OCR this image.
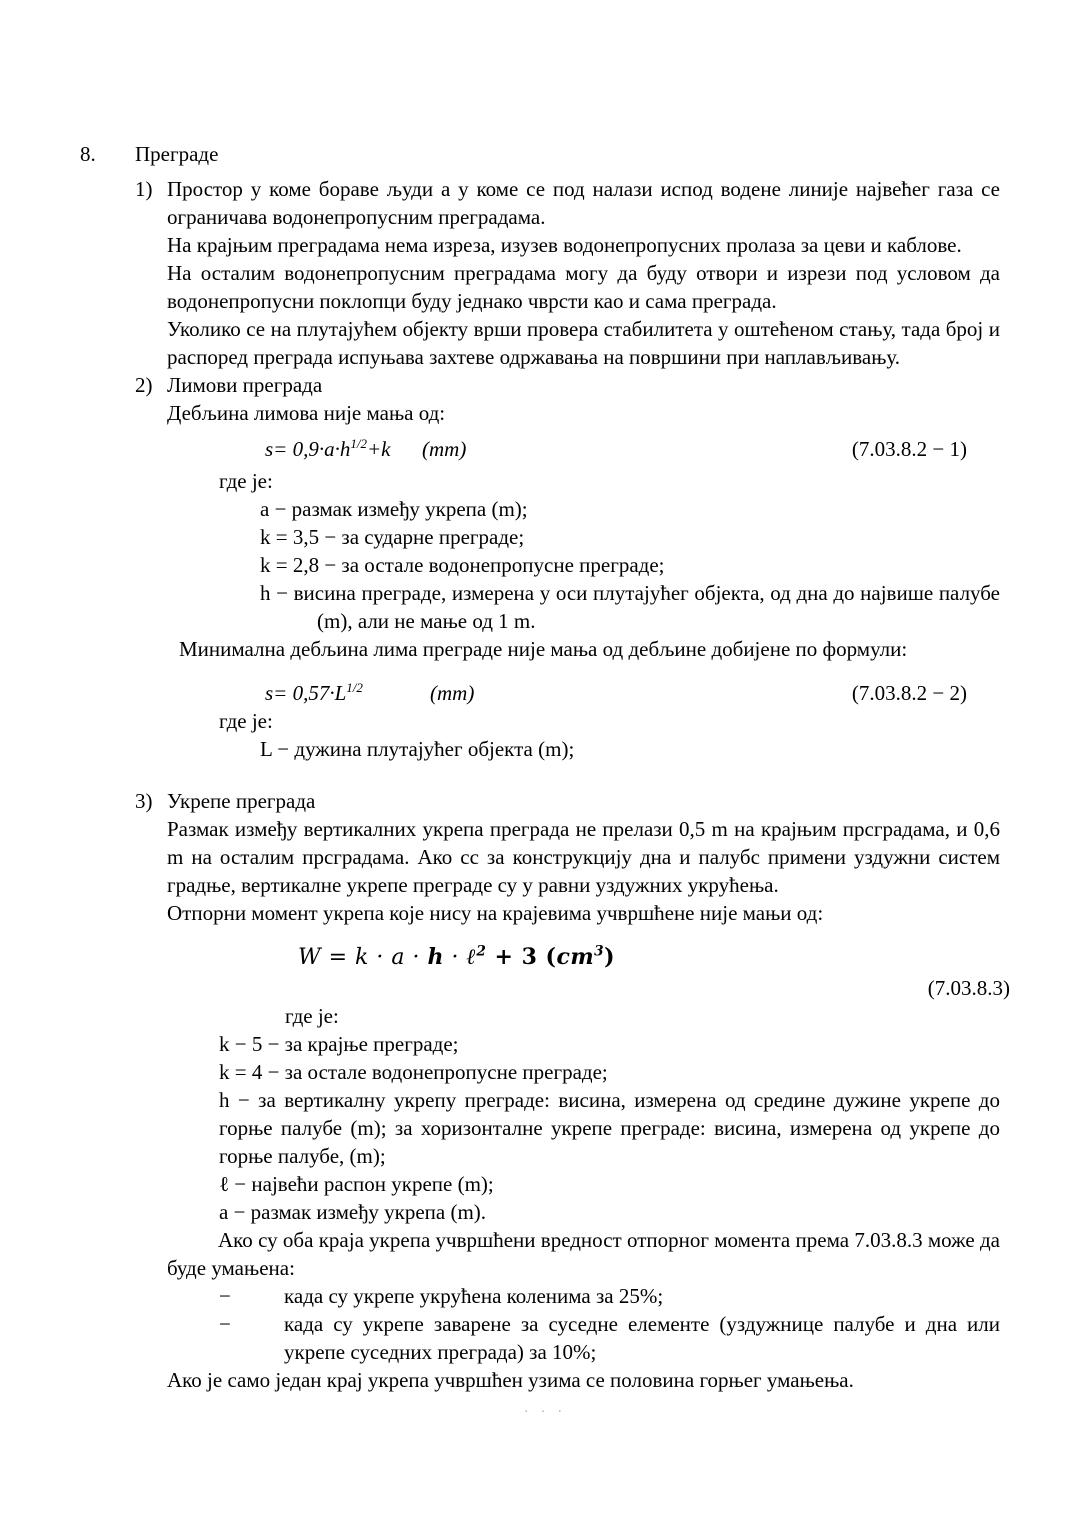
8. Преграде
1) Простор у коме бораве људи а у коме се под налази испод водене линије највећег газа се ограничава водонепропусним преградама.

На крајњим преградама нема изреза, изузев водонепропусних пролаза за цеви и каблове.

На осталим водонепропусним преградама могу да буду отвори и изрези под условом да водонепропусни поклопци буду једнако чврсти као и сама преграда.

Уколико се на плутајућем објекту врши провера стабилитета у оштећеном стању, тада број и распоред преграда испуњава захтеве одржавања на површини при наплављивању.

2) Лимови преграда
Дебљина лимова није мања од:
$s= 0,9\cdot a\cdot h^{1/2}+k$ (mm)	(7.03.8.2 − 1)
где је:
a − размак између укрепа (m);
k = 3,5 − за сударне преграде;
k = 2,8 − за остале водонепропусне преграде;
h − висина преграде, измерена у оси плутајућег објекта, од дна до највише палубе (m), али не мање од 1 m.
Минимална дебљина лима преграде није мања од дебљине добијене по формули:
$s= 0,57\cdot L^{1/2}$	(mm)	(7.03.8.2 − 2)
где је:
L − дужина плутајућег објекта (m);
3) Укрепе преграда
Размак између вертикалних укрепа преграда не прелази 0,5 m на крајњим прсградама, и 0,6 m на осталим прсградама. Ако сс за конструкцију дна и палубс примени уздужни систем градње, вертикалне укрепе преграде су у равни уздужних укрућења.
Отпорни момент укрепа које нису на крајевима учвршћене није мањи од:
W = k · a · h · ℓ$^2$ + 3 $(cm^3)$
(7.03.8.3)
где је:
k − 5 − за крајње преграде;
k = 4 − за остале водонепропусне преграде;
h − за вертикалну укрепу преграде: висина, измерена од средине дужине укрепе до горње палубе (m); за хоризонталне укрепе преграде: висина, измерена од укрепе до горње палубе, (m);
ℓ − највећи распон укрепе (m);
a − размак између укрепа (m).
Ако су оба краја укрепа учвршћени вредност отпорног момента према 7.03.8.3 може да буде умањена:
−	када су укрепе укрућена коленима за 25%;
−	када су укрепе заварене за суседне елементе (уздужнице палубе и дна или укрепе суседних преграда) за 10%;
Ако је само један крај укрепа учвршћен узима се половина горњег умањења.
· · ·
